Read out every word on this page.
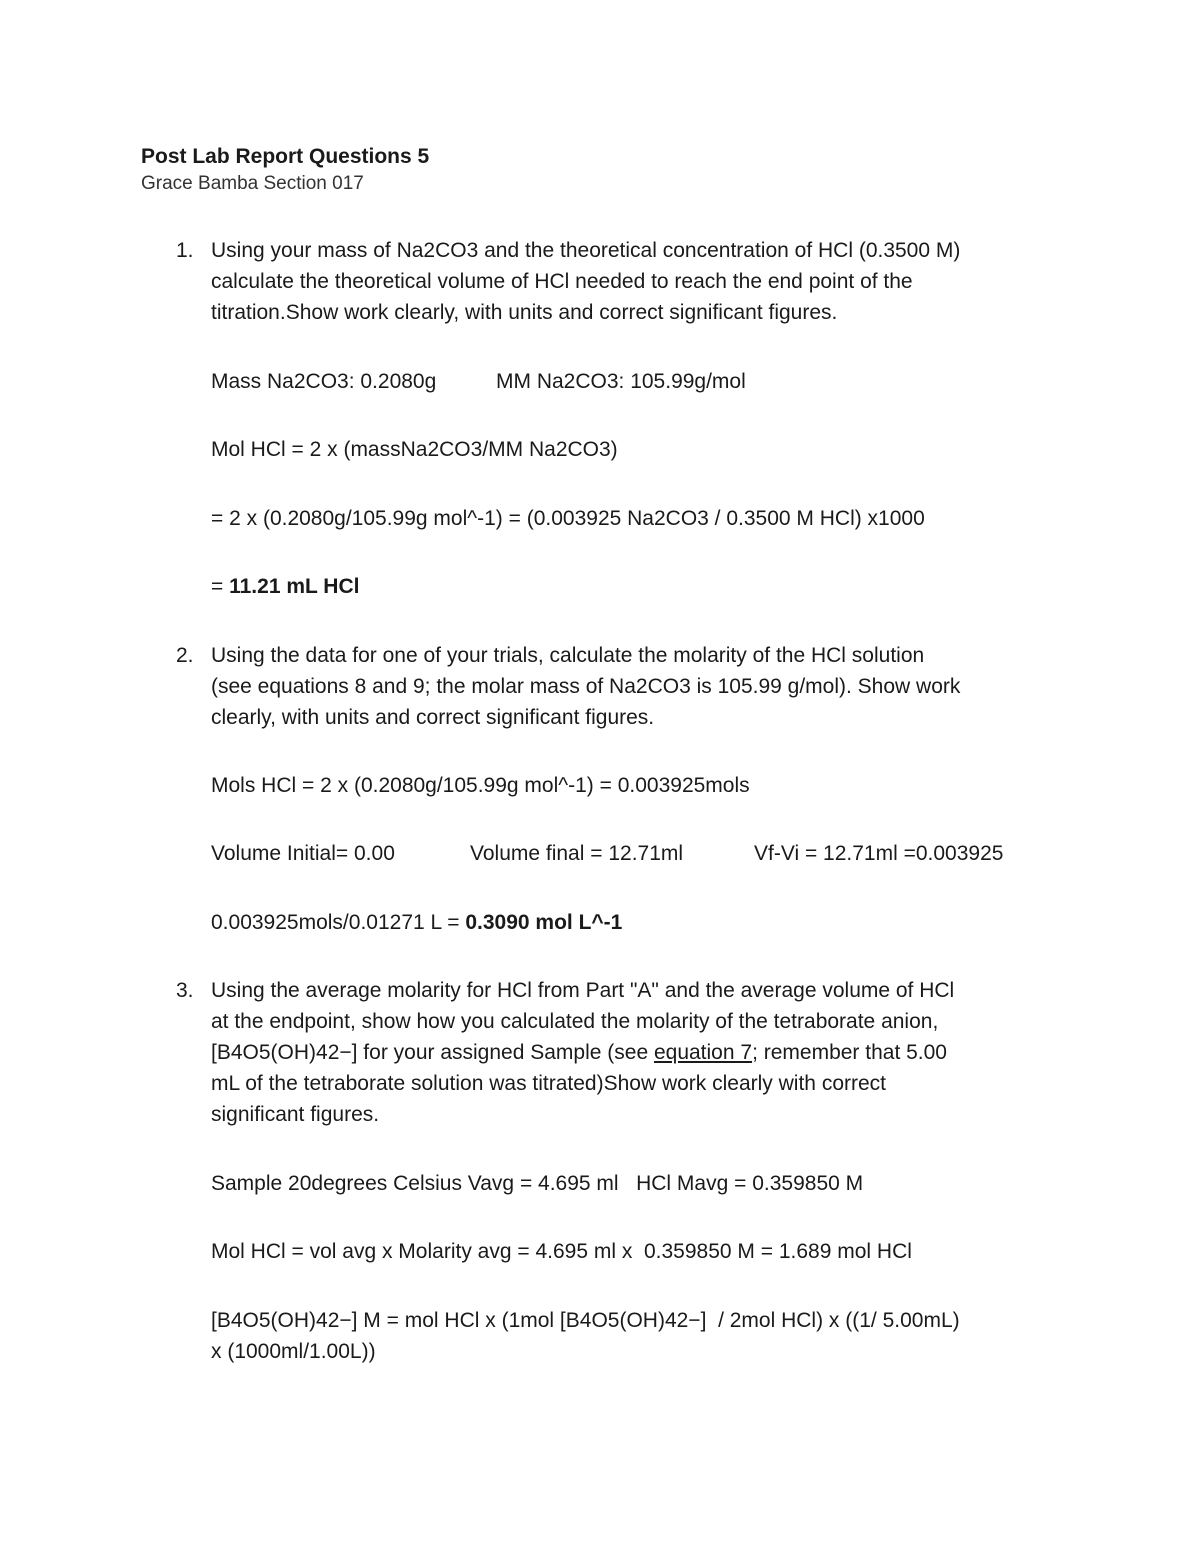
Post Lab Report Questions 5
Grace Bamba Section 017
1. Using your mass of Na2CO3 and the theoretical concentration of HCl (0.3500 M)
calculate the theoretical volume of HCl needed to reach the end point of the
titration.Show work clearly, with units and correct significant figures.
Mass Na2CO3: 0.2080g	MM Na2CO3: 105.99g/mol
Mol HCl = 2 x (massNa2CO3/MM Na2CO3)
= 2 x (0.2080g/105.99g mol^-1) = (0.003925 Na2CO3 / 0.3500 M HCl) x1000
= 11.21 mL HCl
2. Using the data for one of your trials, calculate the molarity of the HCl solution
(see equations 8 and 9; the molar mass of Na2CO3 is 105.99 g/mol). Show work
clearly, with units and correct significant figures.
Mols HCl = 2 x (0.2080g/105.99g mol^-1) = 0.003925mols
Volume Initial= 0.00	Volume final = 12.71ml	Vf-Vi = 12.71ml =0.003925
0.003925mols/0.01271 L = 0.3090 mol L^-1
3. Using the average molarity for HCl from Part "A" and the average volume of HCl
at the endpoint, show how you calculated the molarity of the tetraborate anion,
[B4O5(OH)42−] for your assigned Sample (see equation 7; remember that 5.00
mL of the tetraborate solution was titrated)Show work clearly with correct
significant figures.
Sample 20degrees Celsius Vavg = 4.695 ml   HCl Mavg = 0.359850 M
Mol HCl = vol avg x Molarity avg = 4.695 ml x  0.359850 M = 1.689 mol HCl
[B4O5(OH)42−] M = mol HCl x (1mol [B4O5(OH)42−]  / 2mol HCl) x ((1/ 5.00mL)
x (1000ml/1.00L))
